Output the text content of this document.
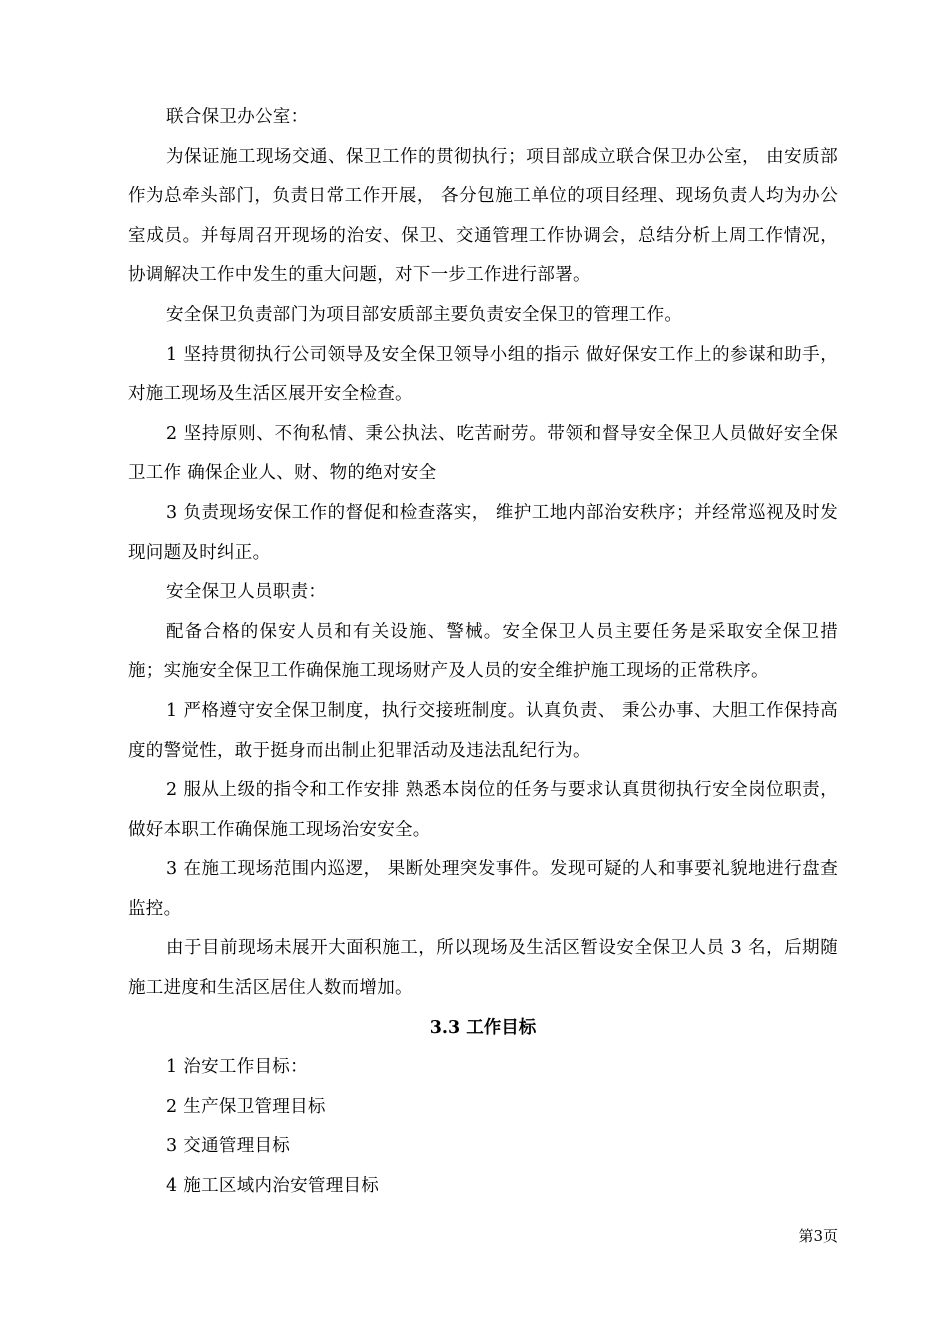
联合保卫办公室：

为保证施工现场交通、保卫工作的贯彻执行；项目部成立联合保卫办公室， 由安质部作为总牵头部门，负责日常工作开展， 各分包施工单位的项目经理、现场负责人均为办公室成员。并每周召开现场的治安、保卫、交通管理工作协调会，总结分析上周工作情况，协调解决工作中发生的重大问题，对下一步工作进行部署。

安全保卫负责部门为项目部安质部主要负责安全保卫的管理工作。

1 坚持贯彻执行公司领导及安全保卫领导小组的指示 做好保安工作上的参谋和助手，对施工现场及生活区展开安全检查。

2 坚持原则、不徇私情、秉公执法、吃苦耐劳。带领和督导安全保卫人员做好安全保卫工作 确保企业人、财、物的绝对安全

3 负责现场安保工作的督促和检查落实， 维护工地内部治安秩序；并经常巡视及时发现问题及时纠正。

安全保卫人员职责：

配备合格的保安人员和有关设施、警械。安全保卫人员主要任务是采取安全保卫措施；实施安全保卫工作确保施工现场财产及人员的安全维护施工现场的正常秩序。

1 严格遵守安全保卫制度，执行交接班制度。认真负责、 秉公办事、大胆工作保持高度的警觉性，敢于挺身而出制止犯罪活动及违法乱纪行为。

2 服从上级的指令和工作安排 熟悉本岗位的任务与要求认真贯彻执行安全岗位职责，做好本职工作确保施工现场治安安全。

3 在施工现场范围内巡逻， 果断处理突发事件。发现可疑的人和事要礼貌地进行盘查监控。

由于目前现场未展开大面积施工，所以现场及生活区暂设安全保卫人员 3 名，后期随施工进度和生活区居住人数而增加。

3.3 工作目标

1 治安工作目标：

2 生产保卫管理目标

3 交通管理目标

4 施工区域内治安管理目标

第3页
